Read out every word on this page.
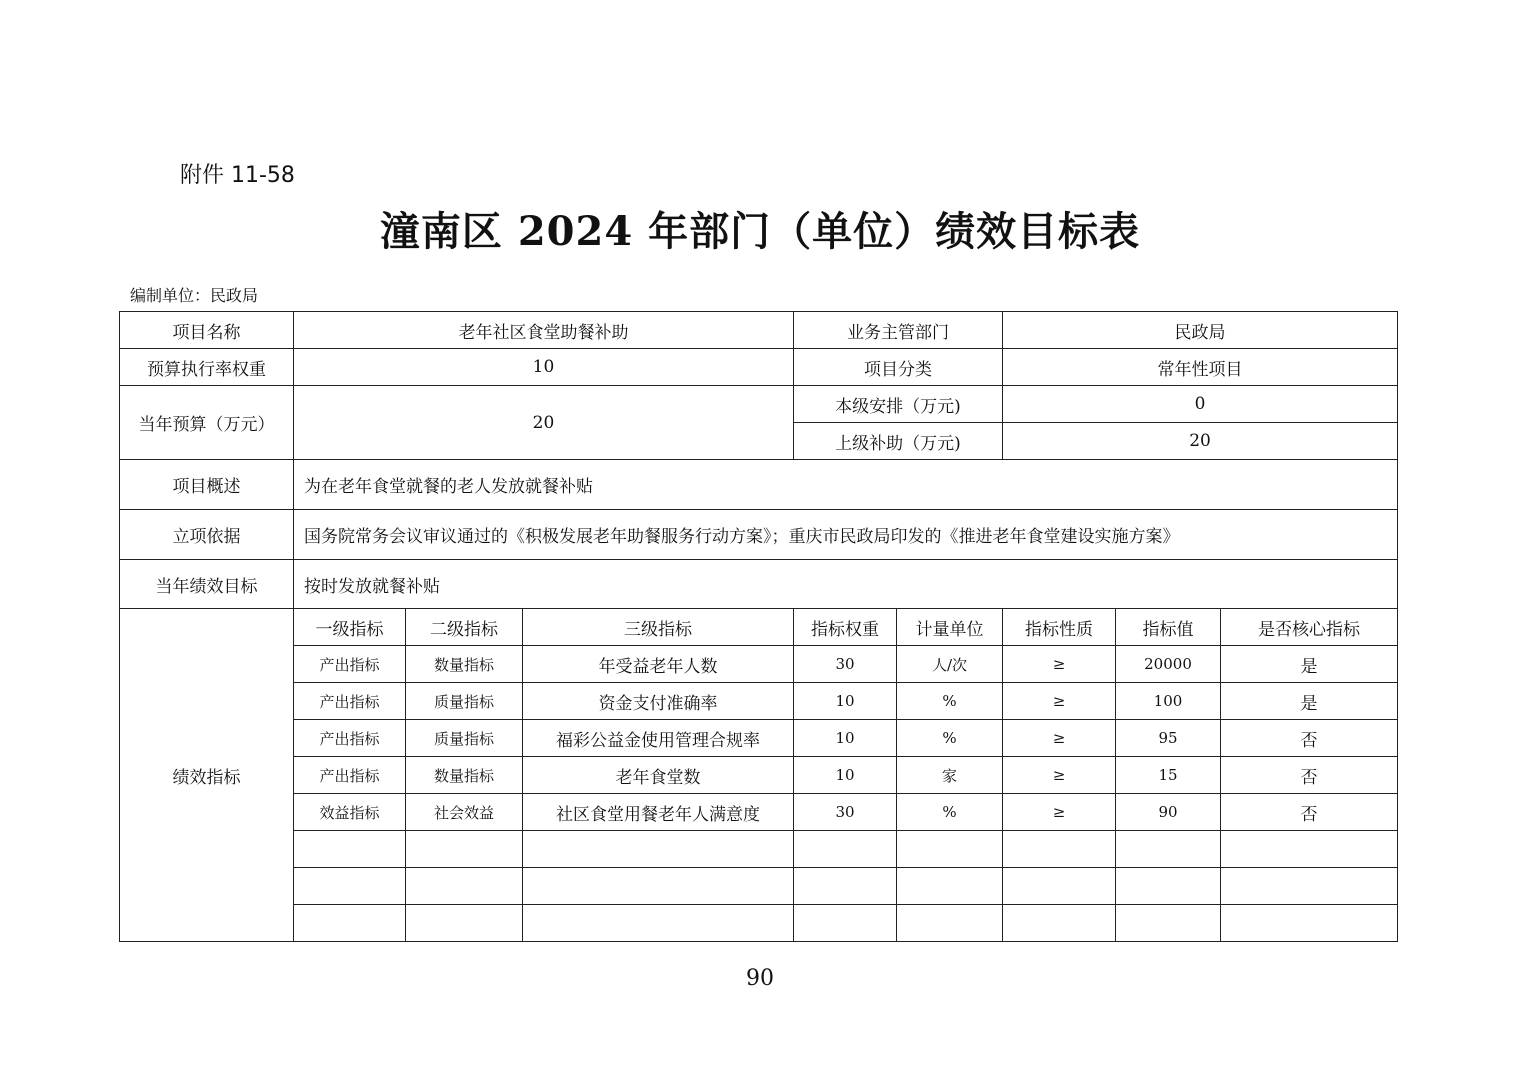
附件 11-58
潼南区 2024 年部门（单位）绩效目标表
编制单位：民政局
项目名称	老年社区食堂助餐补助			业务主管部门		民政局		
预算执行率权重	10			项目分类		常年性项目		
当年预算（万元）	20			本级安排（万元)		0		
				上级补助（万元)		20		
项目概述	为在老年食堂就餐的老人发放就餐补贴							
立项依据	国务院常务会议审议通过的《积极发展老年助餐服务行动方案》；重庆市民政局印发的《推进老年食堂建设实施方案》							
当年绩效目标	按时发放就餐补贴							
绩效指标	一级指标	二级指标	三级指标	指标权重	计量单位	指标性质	指标值	是否核心指标
	产出指标	数量指标	年受益老年人数	30	人/次	≥	20000	是
	产出指标	质量指标	资金支付准确率	10	%	≥	100	是
	产出指标	质量指标	福彩公益金使用管理合规率	10	%	≥	95	否
	产出指标	数量指标	老年食堂数	10	家	≥	15	否
	效益指标	社会效益	社区食堂用餐老年人满意度	30	%	≥	90	否

90
